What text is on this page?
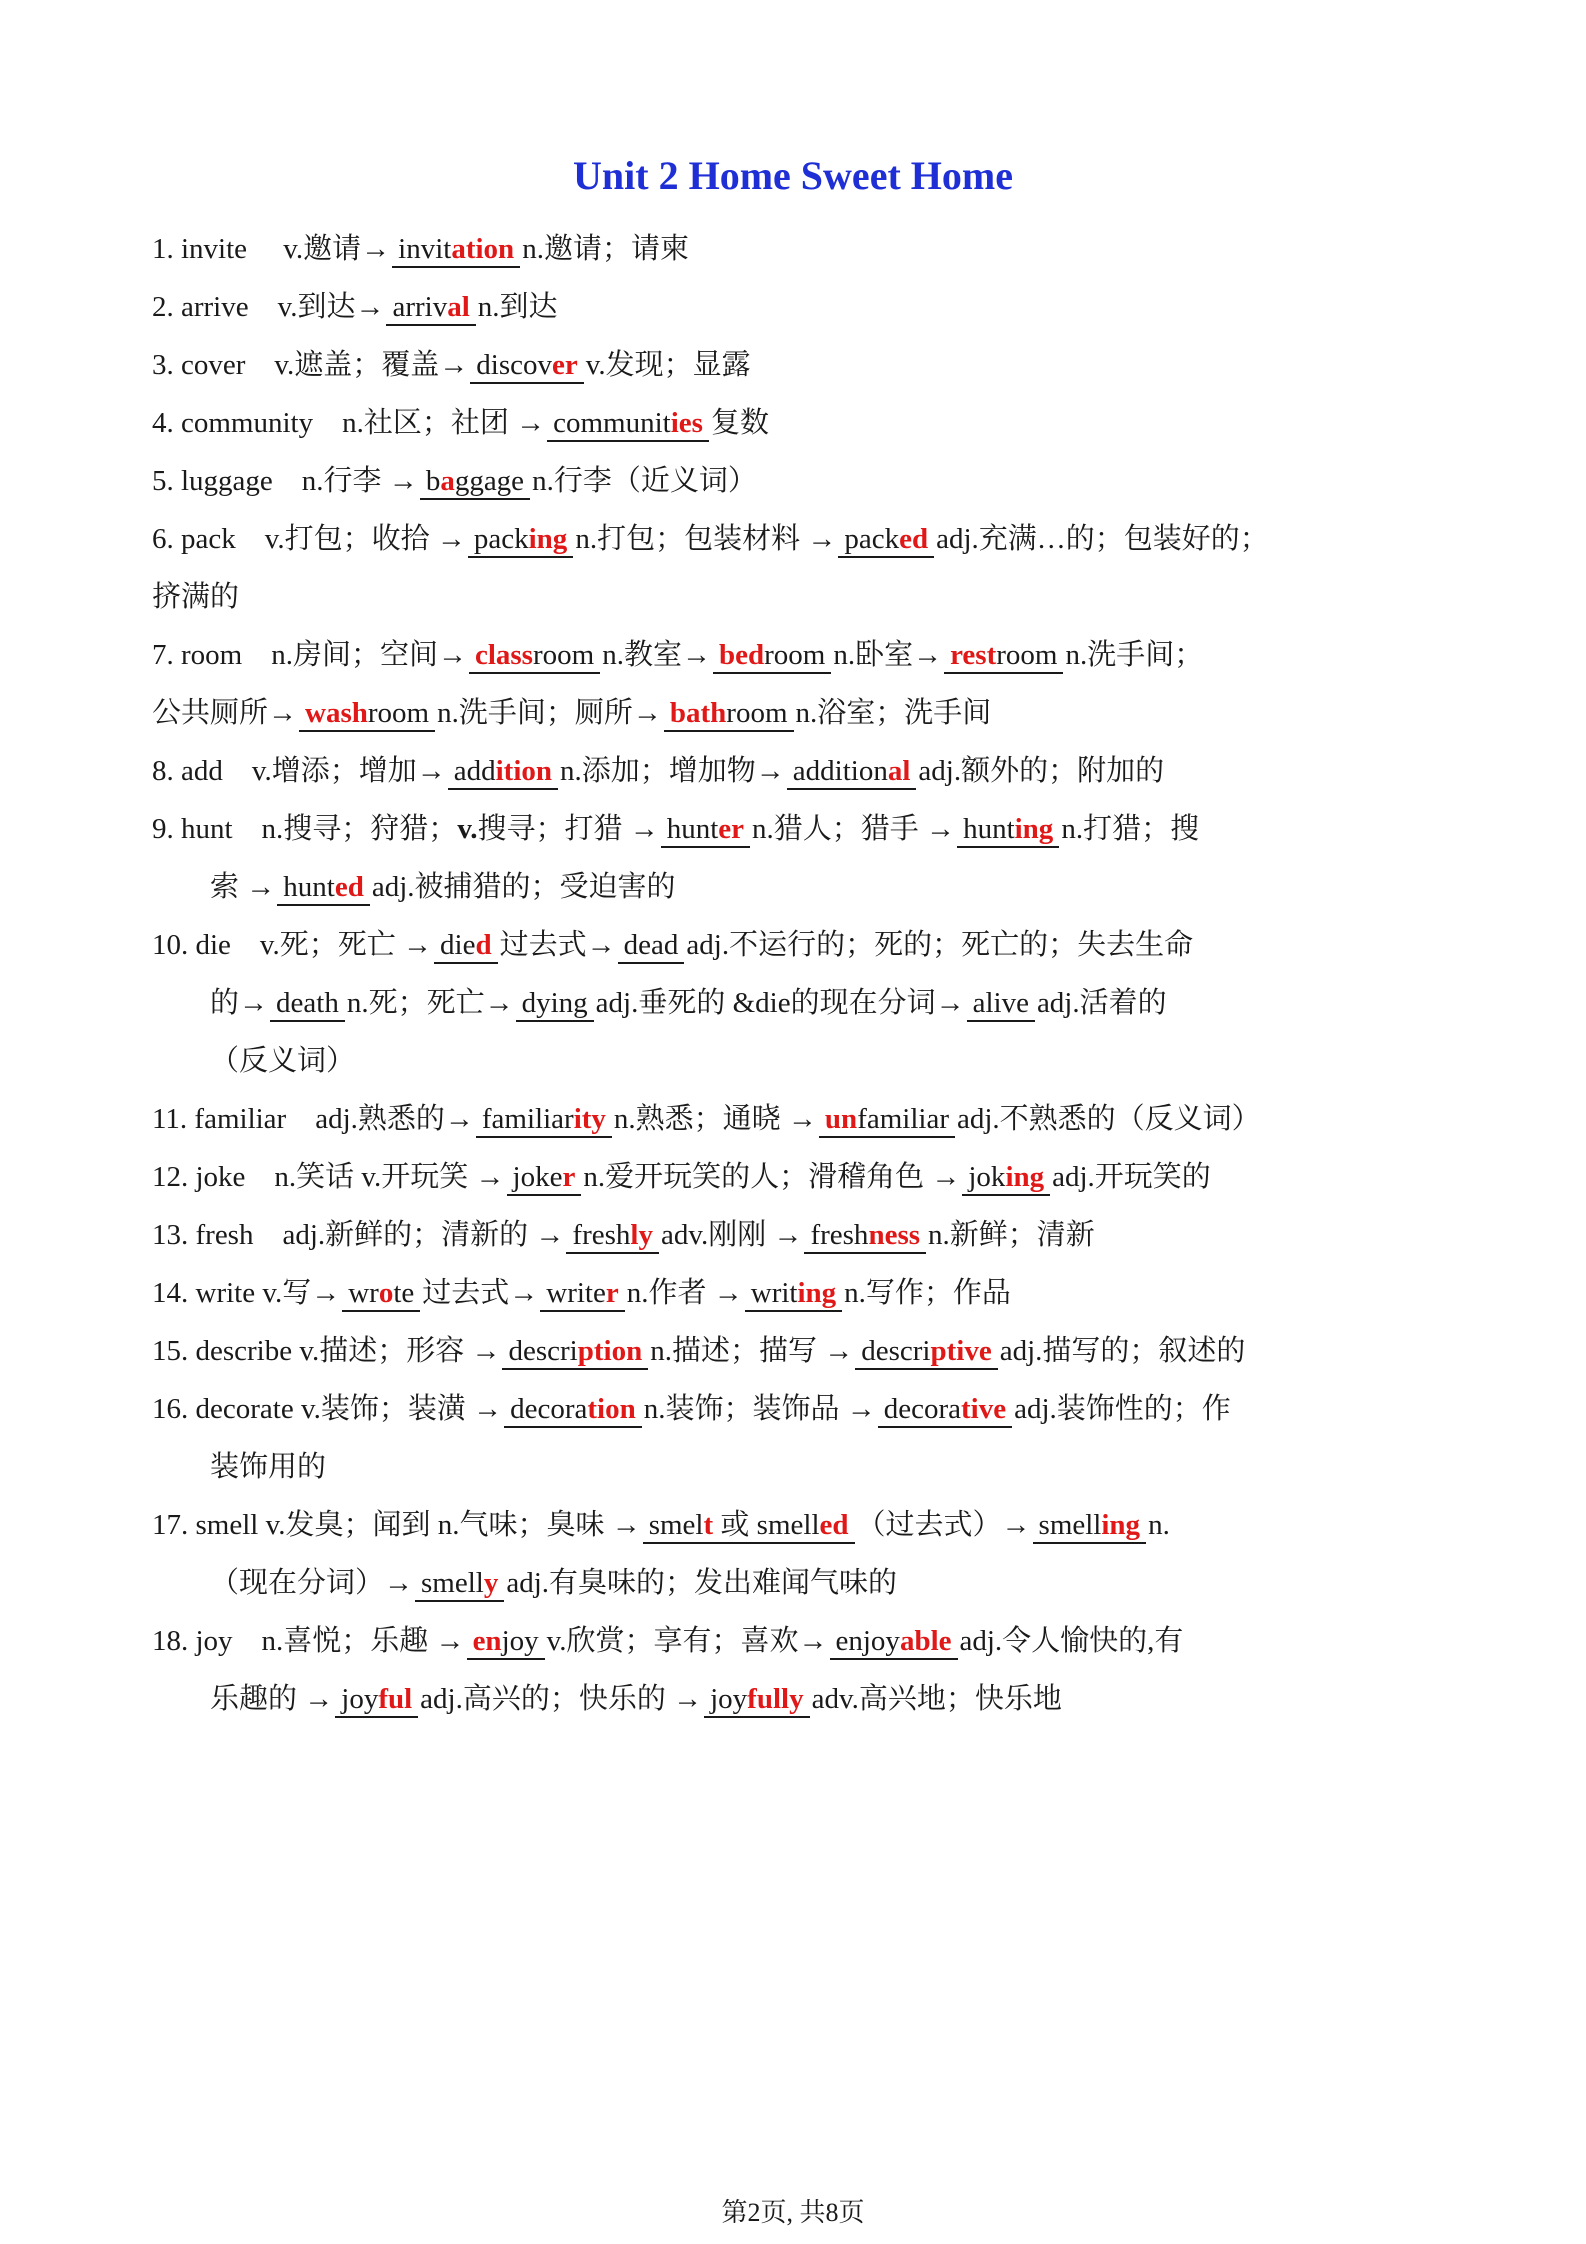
Unit 2 Home Sweet Home
1. invite　 v.邀请→ invitation n.邀请；请柬
2. arrive　v.到达→ arrival n.到达
3. cover　v.遮盖；覆盖→ discover v.发现；显露
4. community　n.社区；社团 → communities 复数
5. luggage　n.行李 → baggage n.行李（近义词）
6. pack　v.打包；收拾 → packing n.打包；包装材料 → packed adj.充满…的；包装好的；
挤满的
7. room　n.房间；空间→ classroom n.教室→ bedroom n.卧室→ restroom n.洗手间；
公共厕所→ washroom n.洗手间；厕所→ bathroom n.浴室；洗手间
8. add　v.增添；增加→ addition n.添加；增加物→ additional adj.额外的；附加的
9. hunt　n.搜寻；狩猎；v.搜寻；打猎 → hunter n.猎人；猎手 → hunting n.打猎；搜
索 → hunted adj.被捕猎的；受迫害的
10. die　v.死；死亡 → died 过去式→ dead adj.不运行的；死的；死亡的；失去生命
的→ death n.死；死亡→ dying adj.垂死的 &die的现在分词→ alive adj.活着的
（反义词）
11. familiar　adj.熟悉的→ familiarity n.熟悉；通晓 → unfamiliar adj.不熟悉的（反义词）
12. joke　n.笑话 v.开玩笑 → joker n.爱开玩笑的人；滑稽角色 → joking adj.开玩笑的
13. fresh　adj.新鲜的；清新的 → freshly adv.刚刚 → freshness n.新鲜；清新
14. write v.写→ wrote 过去式→ writer n.作者 → writing n.写作；作品
15. describe v.描述；形容 → description n.描述；描写 → descriptive adj.描写的；叙述的
16. decorate v.装饰；装潢 → decoration n.装饰；装饰品 → decorative adj.装饰性的；作
装饰用的
17. smell v.发臭；闻到 n.气味；臭味 → smelt 或 smelled （过去式）→ smelling n.
（现在分词）→ smelly adj.有臭味的；发出难闻气味的
18. joy　n.喜悦；乐趣 → enjoy v.欣赏；享有；喜欢→ enjoyable adj.令人愉快的,有
乐趣的 → joyful adj.高兴的；快乐的 → joyfully adv.高兴地；快乐地
第2页, 共8页
